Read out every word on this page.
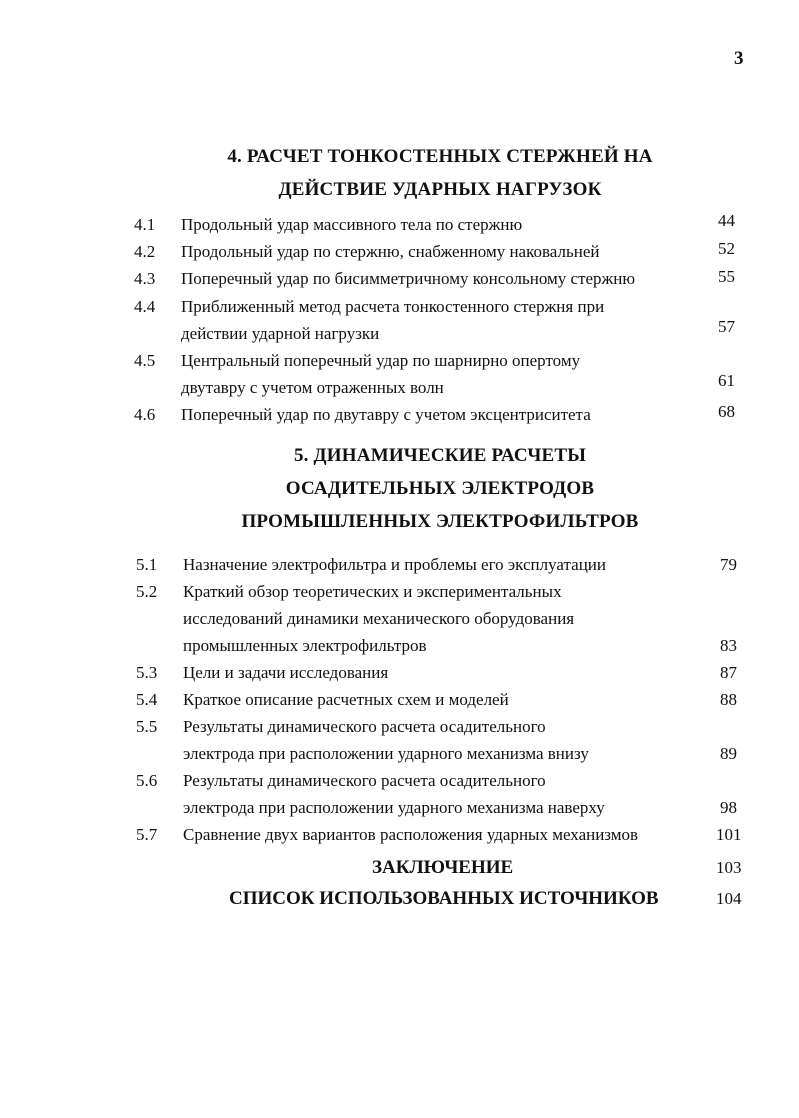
3
4. РАСЧЕТ ТОНКОСТЕННЫХ СТЕРЖНЕЙ НА
ДЕЙСТВИЕ УДАРНЫХ НАГРУЗОК
4.1 Продольный удар массивного тела по стержню	44
4.2 Продольный удар по стержню, снабженному наковальней	52
4.3 Поперечный удар по бисимметричному консольному стержню	55
4.4 Приближенный метод расчета тонкостенного стержня при
действии ударной нагрузки	57
4.5 Центральный поперечный удар по шарнирно опертому
двутавру с учетом отраженных волн	61
4.6 Поперечный удар по двутавру с учетом эксцентриситета	68
5. ДИНАМИЧЕСКИЕ РАСЧЕТЫ
ОСАДИТЕЛЬНЫХ ЭЛЕКТРОДОВ
ПРОМЫШЛЕННЫХ ЭЛЕКТРОФИЛЬТРОВ
5.1 Назначение электрофильтра и проблемы его эксплуатации	79
5.2 Краткий обзор теоретических и экспериментальных
исследований динамики механического оборудования
промышленных электрофильтров	83
5.3 Цели и задачи исследования	87
5.4 Краткое описание расчетных схем и моделей	88
5.5 Результаты динамического расчета осадительного
электрода при расположении ударного механизма внизу	89
5.6 Результаты динамического расчета осадительного
электрода при расположении ударного механизма наверху	98
5.7 Сравнение двух вариантов расположения ударных механизмов	101
ЗАКЛЮЧЕНИЕ	103
СПИСОК ИСПОЛЬЗОВАННЫХ ИСТОЧНИКОВ	104
